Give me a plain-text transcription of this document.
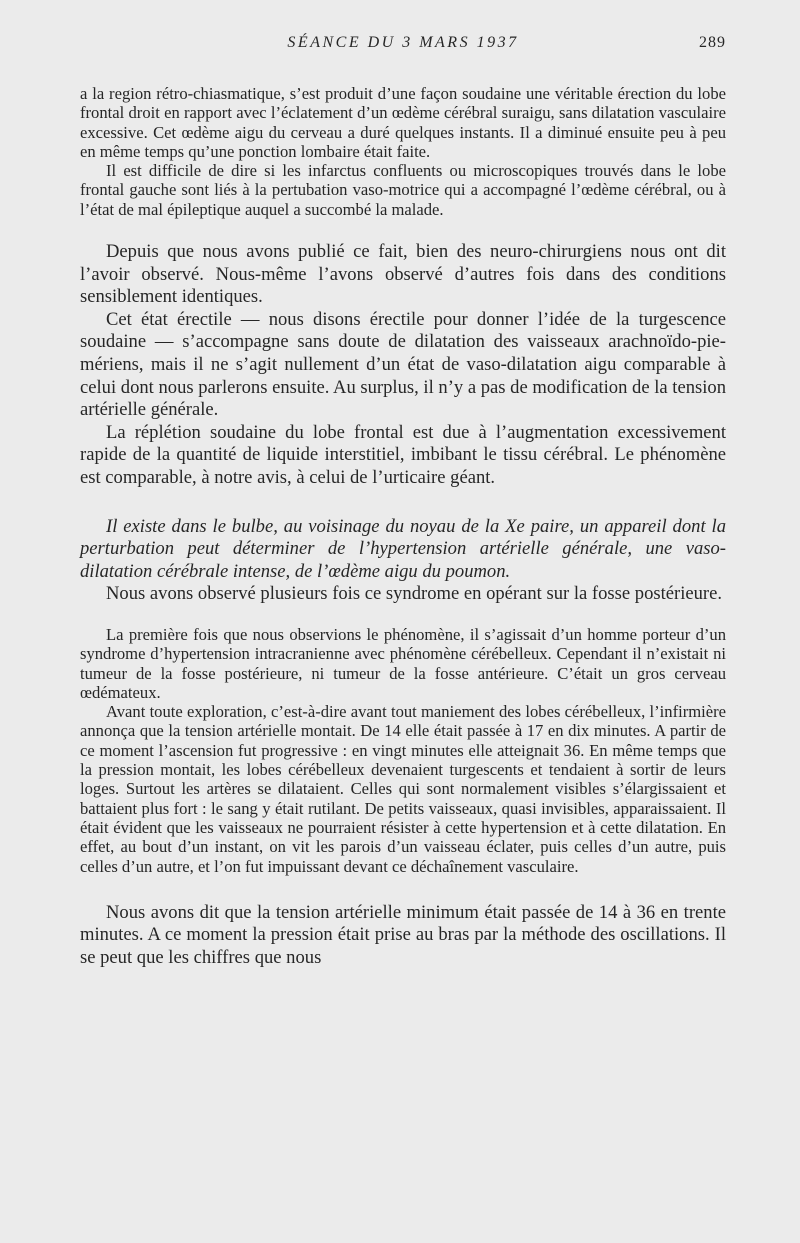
SÉANCE DU 3 MARS 1937	289

a la region rétro-chiasmatique, s’est produit d’une façon soudaine une véritable érection du lobe frontal droit en rapport avec l’éclatement d’un œdème cérébral suraigu, sans dilatation vasculaire excessive. Cet œdème aigu du cerveau a duré quelques instants. Il a diminué ensuite peu à peu en même temps qu’une ponction lombaire était faite.

Il est difficile de dire si les infarctus confluents ou microscopiques trouvés dans le lobe frontal gauche sont liés à la pertubation vaso-motrice qui a accompagné l’œdème cérébral, ou à l’état de mal épileptique auquel a succombé la malade.

Depuis que nous avons publié ce fait, bien des neuro-chirurgiens nous ont dit l’avoir observé. Nous-même l’avons observé d’autres fois dans des conditions sensiblement identiques.

Cet état érectile — nous disons érectile pour donner l’idée de la turgescence soudaine — s’accompagne sans doute de dilatation des vaisseaux arachnoïdo-pie-mériens, mais il ne s’agit nullement d’un état de vaso-dilatation aigu comparable à celui dont nous parlerons ensuite. Au surplus, il n’y a pas de modification de la tension artérielle générale.

La réplétion soudaine du lobe frontal est due à l’augmentation excessivement rapide de la quantité de liquide interstitiel, imbibant le tissu cérébral. Le phénomène est comparable, à notre avis, à celui de l’urticaire géant.

Il existe dans le bulbe, au voisinage du noyau de la Xe paire, un appareil dont la perturbation peut déterminer de l’hypertension artérielle générale, une vaso-dilatation cérébrale intense, de l’œdème aigu du poumon.

Nous avons observé plusieurs fois ce syndrome en opérant sur la fosse postérieure.

La première fois que nous observions le phénomène, il s’agissait d’un homme porteur d’un syndrome d’hypertension intracranienne avec phénomène cérébelleux. Cependant il n’existait ni tumeur de la fosse postérieure, ni tumeur de la fosse antérieure. C’était un gros cerveau œdémateux.

Avant toute exploration, c’est-à-dire avant tout maniement des lobes cérébelleux, l’infirmière annonça que la tension artérielle montait. De 14 elle était passée à 17 en dix minutes. A partir de ce moment l’ascension fut progressive : en vingt minutes elle atteignait 36. En même temps que la pression montait, les lobes cérébelleux devenaient turgescents et tendaient à sortir de leurs loges. Surtout les artères se dilataient. Celles qui sont normalement visibles s’élargissaient et battaient plus fort : le sang y était rutilant. De petits vaisseaux, quasi invisibles, apparaissaient. Il était évident que les vaisseaux ne pourraient résister à cette hypertension et à cette dilatation. En effet, au bout d’un instant, on vit les parois d’un vaisseau éclater, puis celles d’un autre, puis celles d’un autre, et l’on fut impuissant devant ce déchaînement vasculaire.

Nous avons dit que la tension artérielle minimum était passée de 14 à 36 en trente minutes. A ce moment la pression était prise au bras par la méthode des oscillations. Il se peut que les chiffres que nous
